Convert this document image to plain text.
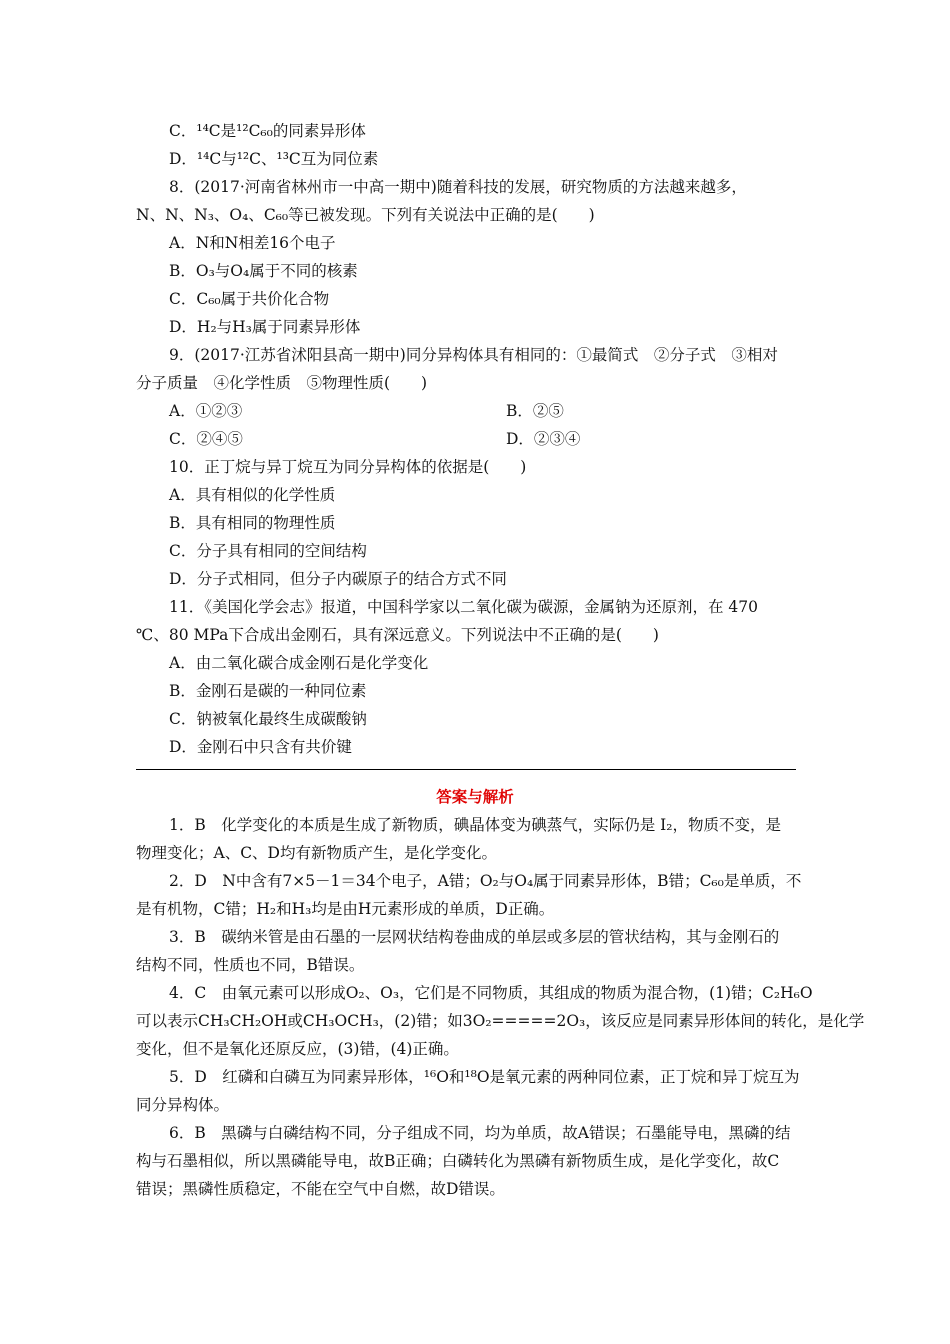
C．¹⁴C是¹²C₆₀的同素异形体
D．¹⁴C与¹²C、¹³C互为同位素
8．(2017·河南省林州市一中高一期中)随着科技的发展，研究物质的方法越来越多，
N、N、N₃、O₄、C₆₀等已被发现。下列有关说法中正确的是(　　)
A．N和N相差16个电子
B．O₃与O₄属于不同的核素
C．C₆₀属于共价化合物
D．H₂与H₃属于同素异形体
9．(2017·江苏省沭阳县高一期中)同分异构体具有相同的：①最简式　②分子式　③相对
分子质量　④化学性质　⑤物理性质(　　)
A．①②③	B．②⑤
C．②④⑤	D．②③④
10．正丁烷与异丁烷互为同分异构体的依据是(　　)
A．具有相似的化学性质
B．具有相同的物理性质
C．分子具有相同的空间结构
D．分子式相同，但分子内碳原子的结合方式不同
11．《美国化学会志》报道，中国科学家以二氧化碳为碳源，金属钠为还原剂，在 470
℃、80 MPa下合成出金刚石，具有深远意义。下列说法中不正确的是(　　)
A．由二氧化碳合成金刚石是化学变化
B．金刚石是碳的一种同位素
C．钠被氧化最终生成碳酸钠
D．金刚石中只含有共价键
答案与解析
1．B　化学变化的本质是生成了新物质，碘晶体变为碘蒸气，实际仍是 I₂，物质不变，是
物理变化；A、C、D均有新物质产生，是化学变化。
2．D　N中含有7×5－1＝34个电子，A错；O₂与O₄属于同素异形体，B错；C₆₀是单质，不
是有机物，C错；H₂和H₃均是由H元素形成的单质，D正确。
3．B　碳纳米管是由石墨的一层网状结构卷曲成的单层或多层的管状结构，其与金刚石的
结构不同，性质也不同，B错误。
4．C　由氧元素可以形成O₂、O₃，它们是不同物质，其组成的物质为混合物，(1)错；C₂H₆O
可以表示CH₃CH₂OH或CH₃OCH₃，(2)错；如3O₂=====2O₃，该反应是同素异形体间的转化，是化学
变化，但不是氧化还原反应，(3)错，(4)正确。
5．D　红磷和白磷互为同素异形体，¹⁶O和¹⁸O是氧元素的两种同位素，正丁烷和异丁烷互为
同分异构体。
6．B　黑磷与白磷结构不同，分子组成不同，均为单质，故A错误；石墨能导电，黑磷的结
构与石墨相似，所以黑磷能导电，故B正确；白磷转化为黑磷有新物质生成，是化学变化，故C
错误；黑磷性质稳定，不能在空气中自燃，故D错误。
